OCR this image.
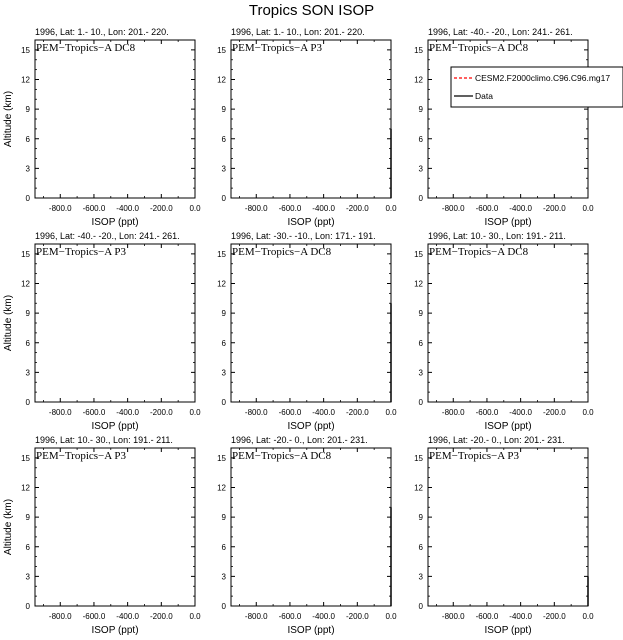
Tropics SON ISOP
1996, Lat: 1.- 10., Lon: 201.- 220.
PEM−Tropics−A DC8
-800.0 -600.0 -400.0 -200.0 0.0
0
3
6
9
12
15
ISOP (ppt)
Altitude (km)
1996, Lat: 1.- 10., Lon: 201.- 220.
PEM−Tropics−A P3
-800.0 -600.0 -400.0 -200.0 0.0
0
3
6
9
12
15
ISOP (ppt)
1996, Lat: -40.- -20., Lon: 241.- 261.
PEM−Tropics−A DC8
-800.0 -600.0 -400.0 -200.0 0.0
0
3
6
9
12
15
ISOP (ppt)
1996, Lat: -40.- -20., Lon: 241.- 261.
PEM−Tropics−A P3
-800.0 -600.0 -400.0 -200.0 0.0
0
3
6
9
12
15
ISOP (ppt)
Altitude (km)
1996, Lat: -30.- -10., Lon: 171.- 191.
PEM−Tropics−A DC8
-800.0 -600.0 -400.0 -200.0 0.0
0
3
6
9
12
15
ISOP (ppt)
1996, Lat: 10.- 30., Lon: 191.- 211.
PEM−Tropics−A DC8
-800.0 -600.0 -400.0 -200.0 0.0
0
3
6
9
12
15
ISOP (ppt)
1996, Lat: 10.- 30., Lon: 191.- 211.
PEM−Tropics−A P3
-800.0 -600.0 -400.0 -200.0 0.0
0
3
6
9
12
15
ISOP (ppt)
Altitude (km)
1996, Lat: -20.- 0., Lon: 201.- 231.
PEM−Tropics−A DC8
-800.0 -600.0 -400.0 -200.0 0.0
0
3
6
9
12
15
ISOP (ppt)
1996, Lat: -20.- 0., Lon: 201.- 231.
PEM−Tropics−A P3
-800.0 -600.0 -400.0 -200.0 0.0
0
3
6
9
12
15
ISOP (ppt)
CESM2.F2000climo.C96.C96.mg17
Data
